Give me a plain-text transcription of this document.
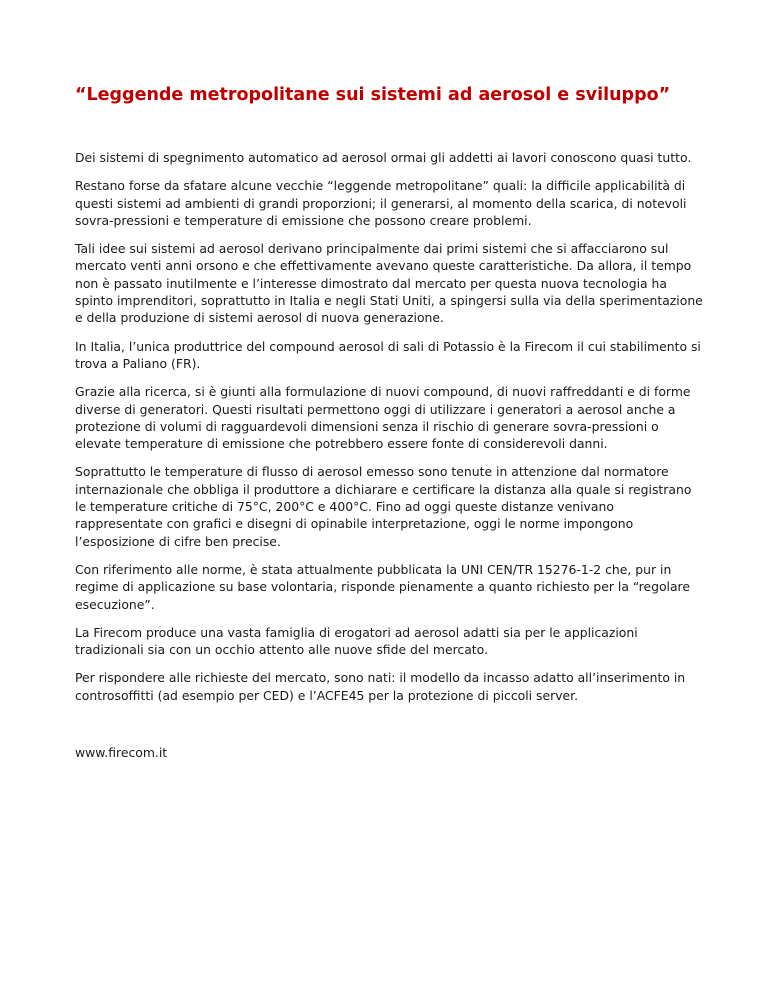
“Leggende metropolitane sui sistemi ad aerosol e sviluppo”

Dei sistemi di spegnimento automatico ad aerosol ormai gli addetti ai lavori conoscono quasi tutto.

Restano forse da sfatare alcune vecchie “leggende metropolitane” quali: la difficile applicabilità di questi sistemi ad ambienti di grandi proporzioni; il generarsi, al momento della scarica, di notevoli sovra-pressioni e temperature di emissione che possono creare problemi.

Tali idee sui sistemi ad aerosol derivano principalmente dai primi sistemi che si affacciarono sul mercato venti anni orsono e che effettivamente avevano queste caratteristiche. Da allora, il tempo non è passato inutilmente e l’interesse dimostrato dal mercato per questa nuova tecnologia ha spinto imprenditori, soprattutto in Italia e negli Stati Uniti, a spingersi sulla via della sperimentazione e della produzione di sistemi aerosol di nuova generazione.

In Italia, l’unica produttrice del compound aerosol di sali di Potassio è la Firecom il cui stabilimento si trova a Paliano (FR).

Grazie alla ricerca, si è giunti alla formulazione di nuovi compound, di nuovi raffreddanti e di forme diverse di generatori. Questi risultati permettono oggi di utilizzare i generatori a aerosol anche a protezione di volumi di ragguardevoli dimensioni senza il rischio di generare sovra-pressioni o elevate temperature di emissione che potrebbero essere fonte di considerevoli danni.

Soprattutto le temperature di flusso di aerosol emesso sono tenute in attenzione dal normatore internazionale che obbliga il produttore a dichiarare e certificare la distanza alla quale si registrano le temperature critiche di 75°C, 200°C e 400°C. Fino ad oggi queste distanze venivano rappresentate con grafici e disegni di opinabile interpretazione, oggi le norme impongono l’esposizione di cifre ben precise.

Con riferimento alle norme, è stata attualmente pubblicata la UNI CEN/TR 15276-1-2 che, pur in regime di applicazione su base volontaria, risponde pienamente a quanto richiesto per la “regolare esecuzione”.

La Firecom produce una vasta famiglia di erogatori ad aerosol adatti sia per le applicazioni tradizionali sia con un occhio attento alle nuove sfide del mercato.

Per rispondere alle richieste del mercato, sono nati: il modello da incasso adatto all’inserimento in controsoffitti (ad esempio per CED) e l’ACFE45 per la protezione di piccoli server.

www.firecom.it
